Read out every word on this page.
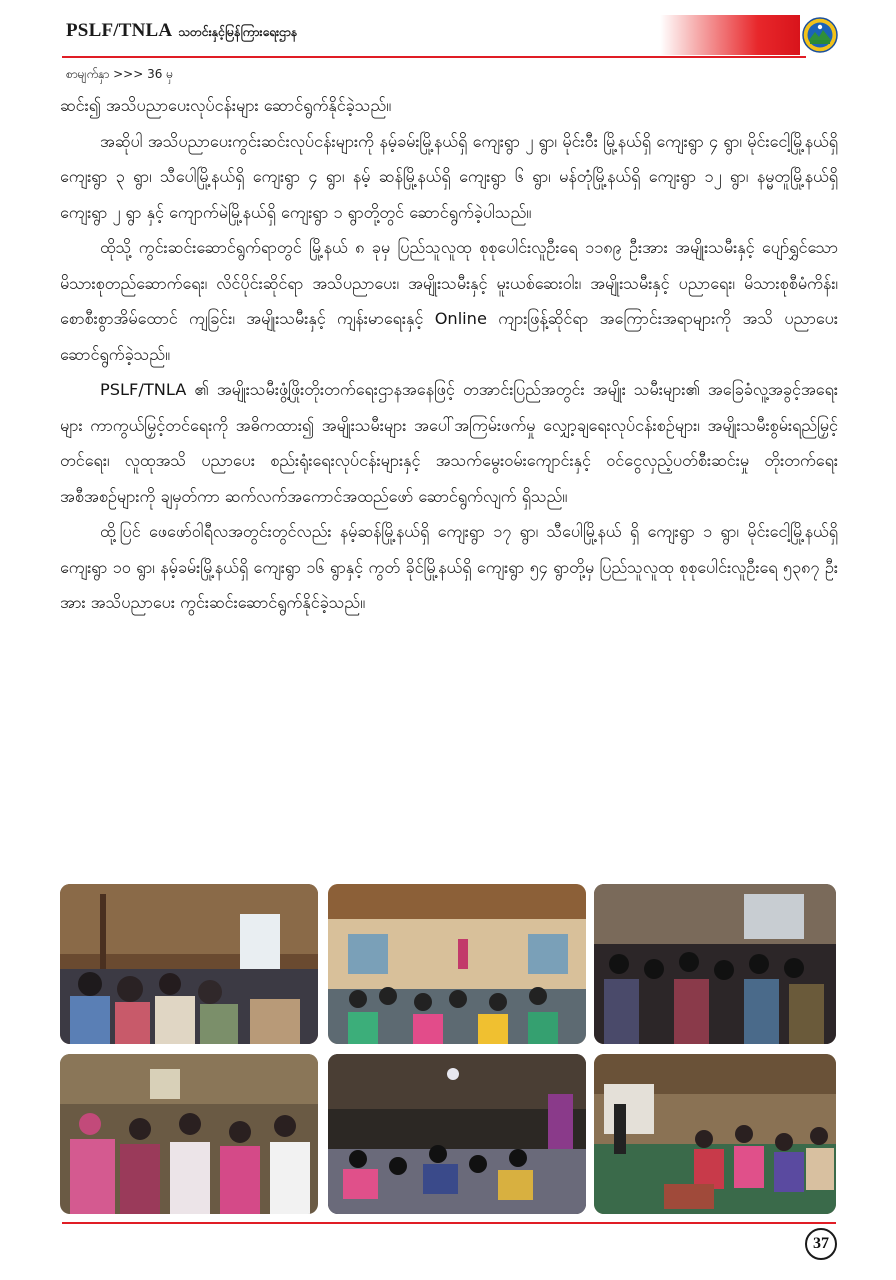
PSLF/TNLA သတင်းနှင့်မြန်ကြားရေးဌာန
စာမျက်နှာ >>> 36 မှ

ဆင်း၍ အသိပညာပေးလုပ်ငန်းများ ဆောင်ရွက်နိုင်ခဲ့သည်။

အဆိုပါ အသိပညာပေးကွင်းဆင်းလုပ်ငန်းများကို နမ့်ခမ်းမြို့နယ်ရှိ ကျေးရွာ ၂ ရွာ၊ မိုင်းဝီး မြို့နယ်ရှိ ကျေးရွာ ၄ ရွာ၊ မိုင်းငေါ့မြို့နယ်ရှိ ကျေးရွာ ၃ ရွာ၊ သီပေါမြို့နယ်ရှိ ကျေးရွာ ၄ ရွာ၊ နမ့် ဆန်မြို့နယ်ရှိ ကျေးရွာ ၆ ရွာ၊ မန်တုံမြို့နယ်ရှိ ကျေးရွာ ၁၂ ရွာ၊ နမ္မတူမြို့နယ်ရှိ ကျေးရွာ ၂ ရွာ နှင့် ကျောက်မဲမြို့နယ်ရှိ ကျေးရွာ ၁ ရွာတို့တွင် ဆောင်ရွက်ခဲ့ပါသည်။

ထိုသို့ ကွင်းဆင်းဆောင်ရွက်ရာတွင် မြို့နယ် ၈ ခုမှ ပြည်သူလူထု စုစုပေါင်းလူဦးရေ ၁၁၈၉ ဦးအား အမျိုးသမီးနှင့် ပျော်ရွှင်သောမိသားစုတည်ဆောက်ရေး၊ လိင်ပိုင်းဆိုင်ရာ အသိပညာပေး၊ အမျိုးသမီးနှင့် မူးယစ်ဆေးဝါး၊ အမျိုးသမီးနှင့် ပညာရေး၊ မိသားစုစီမံကိန်း၊ စောစီးစွာအိမ်ထောင် ကျခြင်း၊ အမျိုးသမီးနှင့် ကျန်းမာရေးနှင့် Online ကျားဖြန့်ဆိုင်ရာ အကြောင်းအရာများကို အသိ ပညာပေး ဆောင်ရွက်ခဲ့သည်။

PSLF/TNLA ၏ အမျိုးသမီးဖွံ့ဖြိုးတိုးတက်ရေးဌာနအနေဖြင့် တအာင်းပြည်အတွင်း အမျိုး သမီးများ၏ အခြေခံလူ့အခွင့်အရေးများ ကာကွယ်မြှင့်တင်ရေးကို အဓိကထား၍ အမျိုးသမီးများ အပေါ်အကြမ်းဖက်မှု လျှော့ချရေးလုပ်ငန်းစဉ်များ၊ အမျိုးသမီးစွမ်းရည်မြှင့်တင်ရေး၊ လူထုအသိ ပညာပေး စည်းရုံးရေးလုပ်ငန်းများနှင့် အသက်မွေးဝမ်းကျောင်းနှင့် ဝင်ငွေလှည့်ပတ်စီးဆင်းမှု တိုးတက်ရေး အစီအစဉ်များကို ချမှတ်ကာ ဆက်လက်အကောင်အထည်ဖော် ဆောင်ရွက်လျက် ရှိသည်။

ထို့ပြင် ဖေဖော်ဝါရီလအတွင်းတွင်လည်း နမ့်ဆန်မြို့နယ်ရှိ ကျေးရွာ ၁၇ ရွာ၊ သီပေါမြို့နယ် ရှိ ကျေးရွာ ၁ ရွာ၊ မိုင်းငေါ့မြို့နယ်ရှိ ကျေးရွာ ၁၀ ရွာ၊ နမ့်ခမ်းမြို့နယ်ရှိ ကျေးရွာ ၁၆ ရွာနှင့် ကွတ် ခိုင်မြို့နယ်ရှိ ကျေးရွာ ၅၄ ရွာတို့မှ ပြည်သူလူထု စုစုပေါင်းလူဦးရေ ၅၃၈၇ ဦးအား အသိပညာပေး ကွင်းဆင်းဆောင်ရွက်နိုင်ခဲ့သည်။

37
